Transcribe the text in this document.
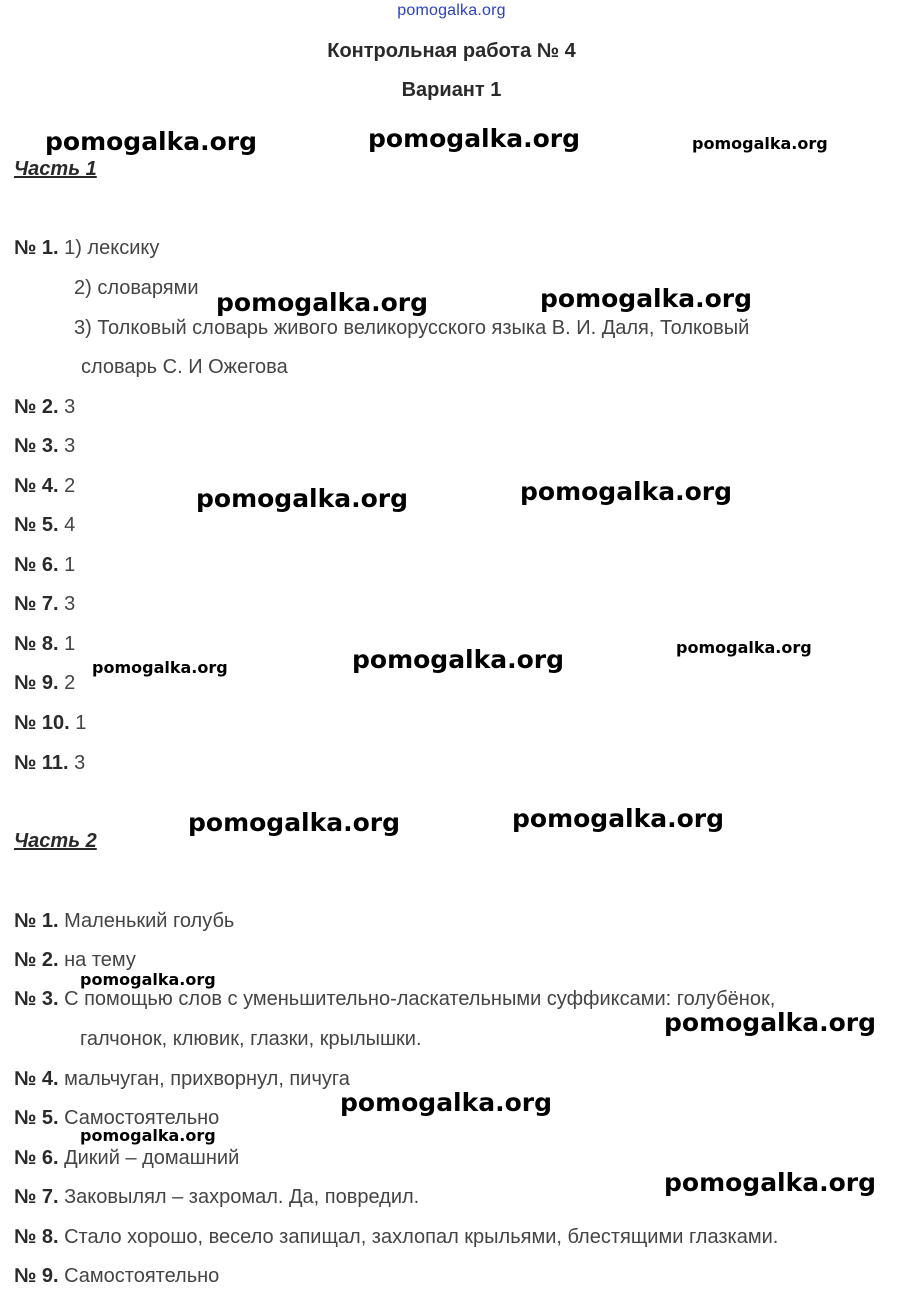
pomogalka.org
Контрольная работа № 4
Вариант 1
Часть 1
№ 1. 1) лексику
2) словарями
3) Толковый словарь живого великорусского языка В. И. Даля, Толковый
словарь С. И Ожегова
№ 2. 3
№ 3. 3
№ 4. 2
№ 5. 4
№ 6. 1
№ 7. 3
№ 8. 1
№ 9. 2
№ 10. 1
№ 11. 3
Часть 2
№ 1. Маленький голубь
№ 2. на тему
№ 3. С помощью слов с уменьшительно-ласкательными суффиксами: голубёнок,
галчонок, клювик, глазки, крылышки.
№ 4. мальчуган, прихворнул, пичуга
№ 5. Самостоятельно
№ 6. Дикий – домашний
№ 7. Заковылял – захромал. Да, повредил.
№ 8. Стало хорошо, весело запищал, захлопал крыльями, блестящими глазками.
№ 9. Самостоятельно
pomogalka.org	pomogalka.org	pomogalka.org
pomogalka.org	pomogalka.org
pomogalka.org	pomogalka.org
pomogalka.org	pomogalka.org	pomogalka.org
pomogalka.org	pomogalka.org
pomogalka.org
pomogalka.org
pomogalka.org
pomogalka.org
pomogalka.org
